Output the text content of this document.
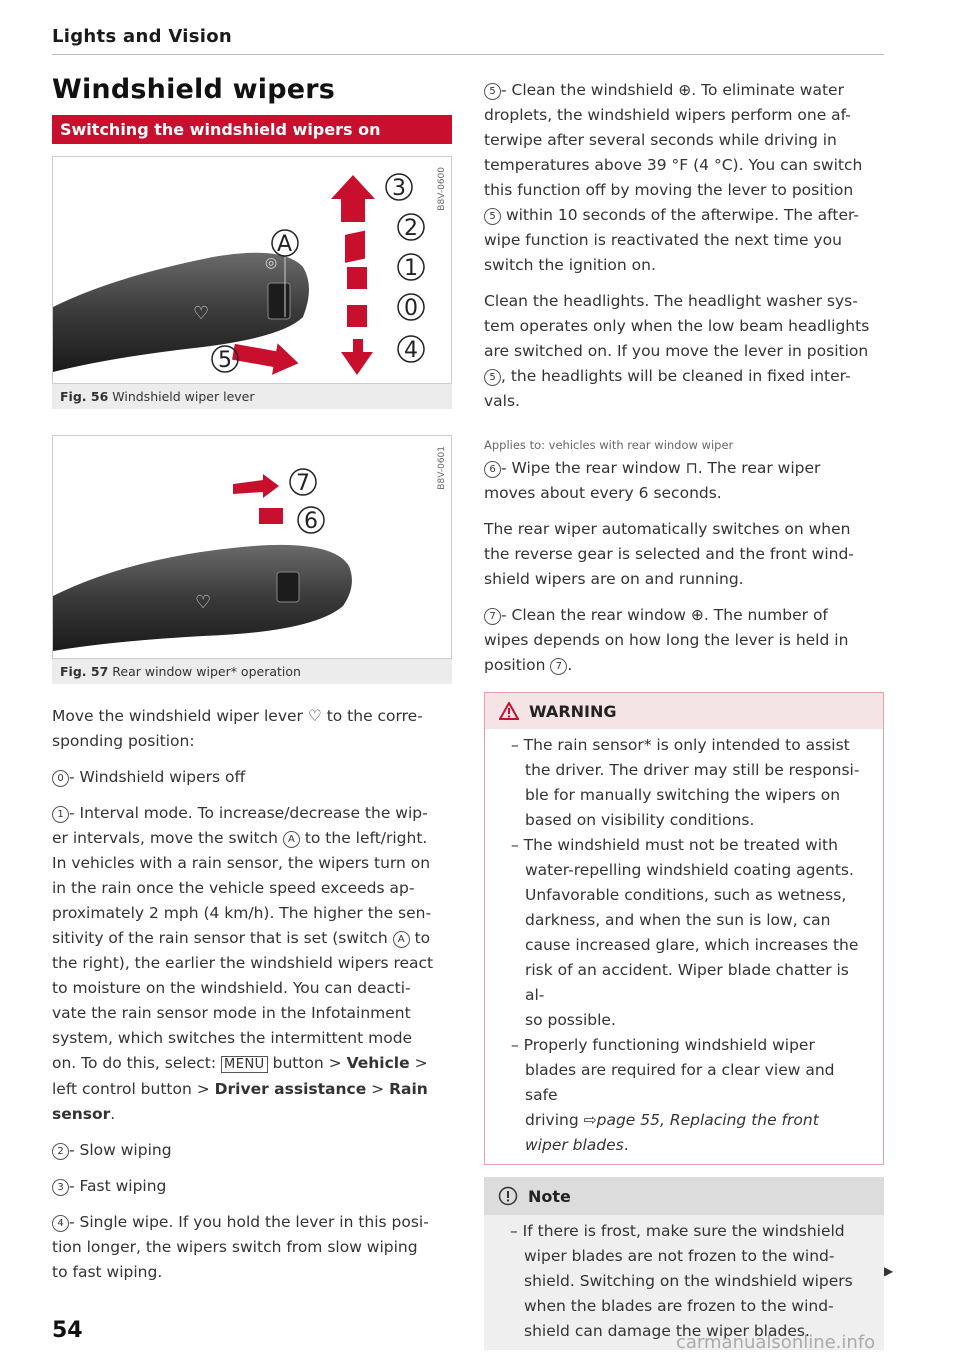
Lights and Vision
Windshield wipers
Switching the windshield wipers on
B8V-0600
♡
◎
3
2
1
0
4
5
A
Fig. 56 Windshield wiper lever
B8V-0601
♡
7
6
Fig. 57 Rear window wiper* operation

Move the windshield wiper lever ♡ to the corre-
sponding position:

0 - Windshield wipers off

1 - Interval mode. To increase/decrease the wip-
er intervals, move the switch A to the left/right.
In vehicles with a rain sensor, the wipers turn on
in the rain once the vehicle speed exceeds ap-
proximately 2 mph (4 km/h). The higher the sen-
sitivity of the rain sensor that is set (switch A to
the right), the earlier the windshield wipers react
to moisture on the windshield. You can deacti-
vate the rain sensor mode in the Infotainment
system, which switches the intermittent mode
on. To do this, select: MENU button > Vehicle >
left control button > Driver assistance > Rain
sensor.

2 - Slow wiping

3 - Fast wiping

4 - Single wipe. If you hold the lever in this posi-
tion longer, the wipers switch from slow wiping
to fast wiping.

5 - Clean the windshield ⊕. To eliminate water
droplets, the windshield wipers perform one af-
terwipe after several seconds while driving in
temperatures above 39 °F (4 °C). You can switch
this function off by moving the lever to position
5 within 10 seconds of the afterwipe. The after-
wipe function is reactivated the next time you
switch the ignition on.

Clean the headlights. The headlight washer sys-
tem operates only when the low beam headlights
are switched on. If you move the lever in position
5 , the headlights will be cleaned in fixed inter-
vals.

Applies to: vehicles with rear window wiper

6 - Wipe the rear window ⊓. The rear wiper
moves about every 6 seconds.

The rear wiper automatically switches on when
the reverse gear is selected and the front wind-
shield wipers are on and running.

7 - Clean the rear window ⊕. The number of
wipes depends on how long the lever is held in
position 7 .

WARNING
– The rain sensor* is only intended to assist
the driver. The driver may still be responsi-
ble for manually switching the wipers on
based on visibility conditions.
– The windshield must not be treated with
water-repelling windshield coating agents.
Unfavorable conditions, such as wetness,
darkness, and when the sun is low, can
cause increased glare, which increases the
risk of an accident. Wiper blade chatter is al-
so possible.
– Properly functioning windshield wiper
blades are required for a clear view and safe
driving ⇨page 55, Replacing the front
wiper blades.
Note
– If there is frost, make sure the windshield
wiper blades are not frozen to the wind-
shield. Switching on the windshield wipers
when the blades are frozen to the wind-
shield can damage the wiper blades.
▶
54	carmanualsonline.info
